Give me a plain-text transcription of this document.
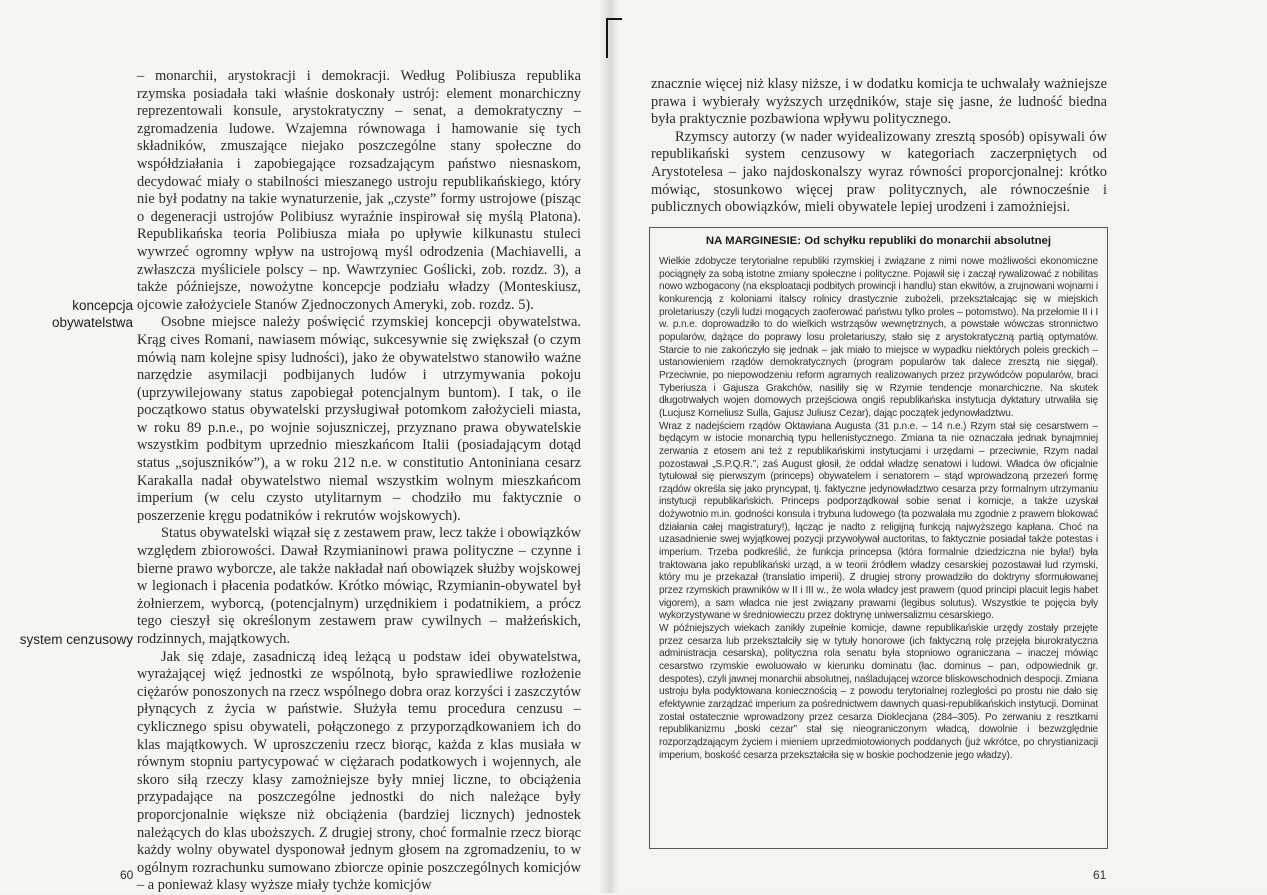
koncepcja obywatelstwa
system cenzusowy

– monarchii, arystokracji i demokracji. Według Polibiusza republika rzymska posiadała taki właśnie doskonały ustrój: element monarchiczny reprezentowali konsule, arystokratyczny – senat, a demokratyczny – zgromadzenia ludowe. Wzajemna równowaga i hamowanie się tych składników, zmuszające niejako poszczególne stany społeczne do współdziałania i zapobiegające rozsadzającym państwo niesnaskom, decydować miały o stabilności mieszanego ustroju republikańskiego, który nie był podatny na takie wynaturzenie, jak „czyste” formy ustrojowe (pisząc o degeneracji ustrojów Polibiusz wyraźnie inspirował się myślą Platona). Republikańska teoria Polibiusza miała po upływie kilkunastu stuleci wywrzeć ogromny wpływ na ustrojową myśl odrodzenia (Machiavelli, a zwłaszcza myśliciele polscy – np. Wawrzyniec Goślicki, zob. rozdz. 3), a także późniejsze, nowożytne koncepcje podziału władzy (Monteskiusz, ojcowie założyciele Stanów Zjednoczonych Ameryki, zob. rozdz. 5).

Osobne miejsce należy poświęcić rzymskiej koncepcji obywatelstwa. Krąg cives Romani, nawiasem mówiąc, sukcesywnie się zwiększał (o czym mówią nam kolejne spisy ludności), jako że obywatelstwo stanowiło ważne narzędzie asymilacji podbijanych ludów i utrzymywania pokoju (uprzywilejowany status zapobiegał potencjalnym buntom). I tak, o ile początkowo status obywatelski przysługiwał potomkom założycieli miasta, w roku 89 p.n.e., po wojnie sojuszniczej, przyznano prawa obywatelskie wszystkim podbitym uprzednio mieszkańcom Italii (posiadającym dotąd status „sojuszników”), a w roku 212 n.e. w constitutio Antoniniana cesarz Karakalla nadał obywatelstwo niemal wszystkim wolnym mieszkańcom imperium (w celu czysto utylitarnym – chodziło mu faktycznie o poszerzenie kręgu podatników i rekrutów wojskowych).

Status obywatelski wiązał się z zestawem praw, lecz także i obowiązków względem zbiorowości. Dawał Rzymianinowi prawa polityczne – czynne i bierne prawo wyborcze, ale także nakładał nań obowiązek służby wojskowej w legionach i płacenia podatków. Krótko mówiąc, Rzymianin-obywatel był żołnierzem, wyborcą, (potencjalnym) urzędnikiem i podatnikiem, a prócz tego cieszył się określonym zestawem praw cywilnych – małżeńskich, rodzinnych, majątkowych.

Jak się zdaje, zasadniczą ideą leżącą u podstaw idei obywatelstwa, wyrażającej więź jednostki ze wspólnotą, było sprawiedliwe rozłożenie ciężarów ponoszonych na rzecz wspólnego dobra oraz korzyści i zaszczytów płynących z życia w państwie. Służyła temu procedura cenzusu – cyklicznego spisu obywateli, połączonego z przyporządkowaniem ich do klas majątkowych. W uproszczeniu rzecz biorąc, każda z klas musiała w równym stopniu partycypować w ciężarach podatkowych i wojennych, ale skoro siłą rzeczy klasy zamożniejsze były mniej liczne, to obciążenia przypadające na poszczególne jednostki do nich należące były proporcjonalnie większe niż obciążenia (bardziej licznych) jednostek należących do klas uboższych. Z drugiej strony, choć formalnie rzecz biorąc każdy wolny obywatel dysponował jednym głosem na zgromadzeniu, to w ogólnym rozrachunku sumowano zbiorcze opinie poszczególnych komicjów – a ponieważ klasy wyższe miały tychże komicjów

60

znacznie więcej niż klasy niższe, i w dodatku komicja te uchwalały ważniejsze prawa i wybierały wyższych urzędników, staje się jasne, że ludność biedna była praktycznie pozbawiona wpływu politycznego.

Rzymscy autorzy (w nader wyidealizowany zresztą sposób) opisywali ów republikański system cenzusowy w kategoriach zaczerpniętych od Arystotelesa – jako najdoskonalszy wyraz równości proporcjonalnej: krótko mówiąc, stosunkowo więcej praw politycznych, ale równocześnie i publicznych obowiązków, mieli obywatele lepiej urodzeni i zamożniejsi.

NA MARGINESIE: Od schyłku republiki do monarchii absolutnej

Wielkie zdobycze terytorialne republiki rzymskiej i związane z nimi nowe możliwości ekonomiczne pociągnęły za sobą istotne zmiany społeczne i polityczne. Pojawił się i zaczął rywalizować z nobilitas nowo wzbogacony (na eksploatacji podbitych prowincji i handlu) stan ekwitów, a zrujnowani wojnami i konkurencją z koloniami italscy rolnicy drastycznie zubożeli, przekształcając się w miejskich proletariuszy (czyli ludzi mogących zaoferować państwu tylko proles – potomstwo). Na przełomie II i I w. p.n.e. doprowadziło to do wielkich wstrząsów wewnętrznych, a powstałe wówczas stronnictwo popularów, dążące do poprawy losu proletariuszy, stało się z arystokratyczną partią optymatów. Starcie to nie zakończyło się jednak – jak miało to miejsce w wypadku niektórych poleis greckich – ustanowieniem rządów demokratycznych (program popularów tak dalece zresztą nie sięgał). Przeciwnie, po niepowodzeniu reform agrarnych realizowanych przez przywódców popularów, braci Tyberiusza i Gajusza Grakchów, nasiliły się w Rzymie tendencje monarchiczne. Na skutek długotrwałych wojen domowych przejściowa ongiś republikańska instytucja dyktatury utrwaliła się (Lucjusz Korneliusz Sulla, Gajusz Juliusz Cezar), dając początek jedynowładztwu.

Wraz z nadejściem rządów Oktawiana Augusta (31 p.n.e. – 14 n.e.) Rzym stał się cesarstwem – będącym w istocie monarchią typu hellenistycznego. Zmiana ta nie oznaczała jednak bynajmniej zerwania z etosem ani też z republikańskimi instytucjami i urzędami – przeciwnie, Rzym nadal pozostawał „S.P.Q.R.”, zaś August głosił, że oddał władzę senatowi i ludowi. Władca ów oficjalnie tytułował się pierwszym (princeps) obywatelem i senatorem – stąd wprowadzoną przezeń formę rządów określa się jako pryncypat, tj. faktyczne jedynowładztwo cesarza przy formalnym utrzymaniu instytucji republikańskich. Princeps podporządkował sobie senat i komicje, a także uzyskał dożywotnio m.in. godności konsula i trybuna ludowego (ta pozwalała mu zgodnie z prawem blokować działania całej magistratury!), łącząc je nadto z religijną funkcją najwyższego kapłana. Choć na uzasadnienie swej wyjątkowej pozycji przywoływał auctoritas, to faktycznie posiadał także potestas i imperium. Trzeba podkreślić, że funkcja princepsa (która formalnie dziedziczna nie była!) była traktowana jako republikański urząd, a w teorii źródłem władzy cesarskiej pozostawał lud rzymski, który mu je przekazał (translatio imperii). Z drugiej strony prowadziło do doktryny sformułowanej przez rzymskich prawników w II i III w., że wola władcy jest prawem (quod principi placuit legis habet vigorem), a sam władca nie jest związany prawami (legibus solutus). Wszystkie te pojęcia były wykorzystywane w średniowieczu przez doktrynę uniwersalizmu cesarskiego.

W późniejszych wiekach zanikły zupełnie komicje, dawne republikańskie urzędy zostały przejęte przez cesarza lub przekształciły się w tytuły honorowe (ich faktyczną rolę przejęła biurokratyczna administracja cesarska), polityczna rola senatu była stopniowo ograniczana – inaczej mówiąc cesarstwo rzymskie ewoluowało w kierunku dominatu (łac. dominus – pan, odpowiednik gr. despotes), czyli jawnej monarchii absolutnej, naśladującej wzorce bliskowschodnich despocji. Zmiana ustroju była podyktowana koniecznością – z powodu terytorialnej rozległości po prostu nie dało się efektywnie zarządzać imperium za pośrednictwem dawnych quasi-republikańskich instytucji. Dominat został ostatecznie wprowadzony przez cesarza Dioklecjana (284–305). Po zerwaniu z resztkami republikanizmu „boski cezar” stał się nieograniczonym władcą, dowolnie i bezwzględnie rozporządzającym życiem i mieniem uprzedmiotowionych poddanych (już wkrótce, po chrystianizacji imperium, boskość cesarza przekształciła się w boskie pochodzenie jego władzy).

61
